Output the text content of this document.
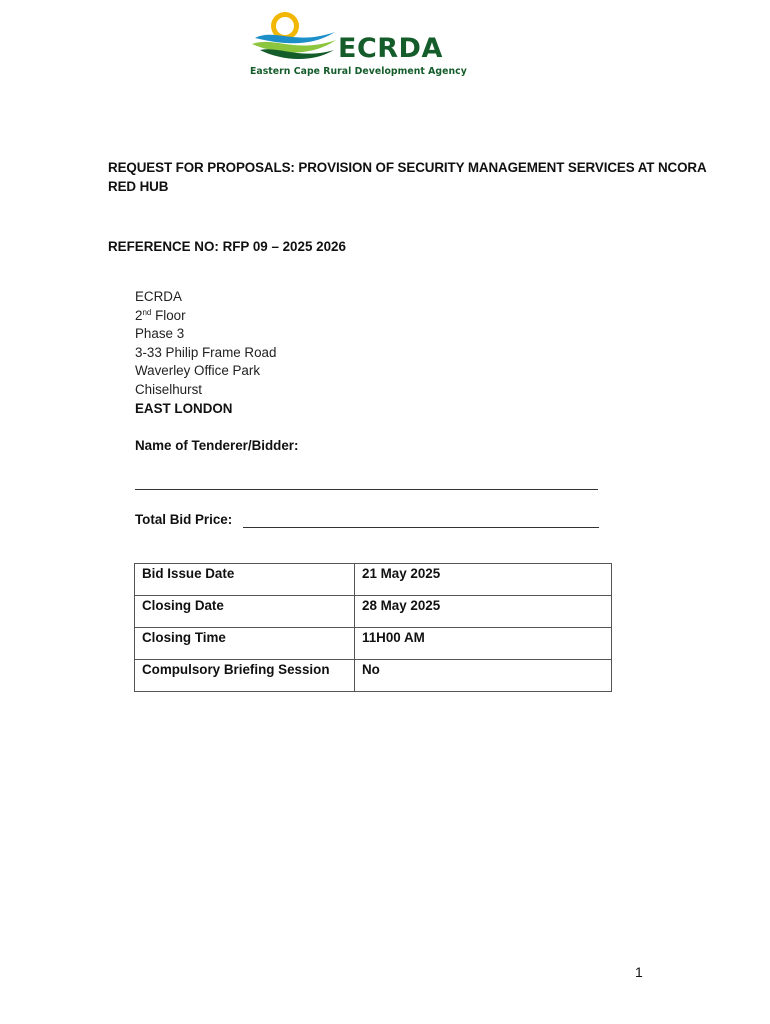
ECRDA
Eastern Cape Rural Development Agency
REQUEST FOR PROPOSALS: PROVISION OF SECURITY MANAGEMENT SERVICES AT NCORA RED HUB
REFERENCE NO: RFP 09 – 2025 2026
ECRDA
2nd Floor
Phase 3
3-33 Philip Frame Road
Waverley Office Park
Chiselhurst
EAST LONDON
Name of Tenderer/Bidder:
Total Bid Price:
Bid Issue Date	21 May 2025
Closing Date	28 May 2025
Closing Time	11H00 AM
Compulsory Briefing Session	No
1
